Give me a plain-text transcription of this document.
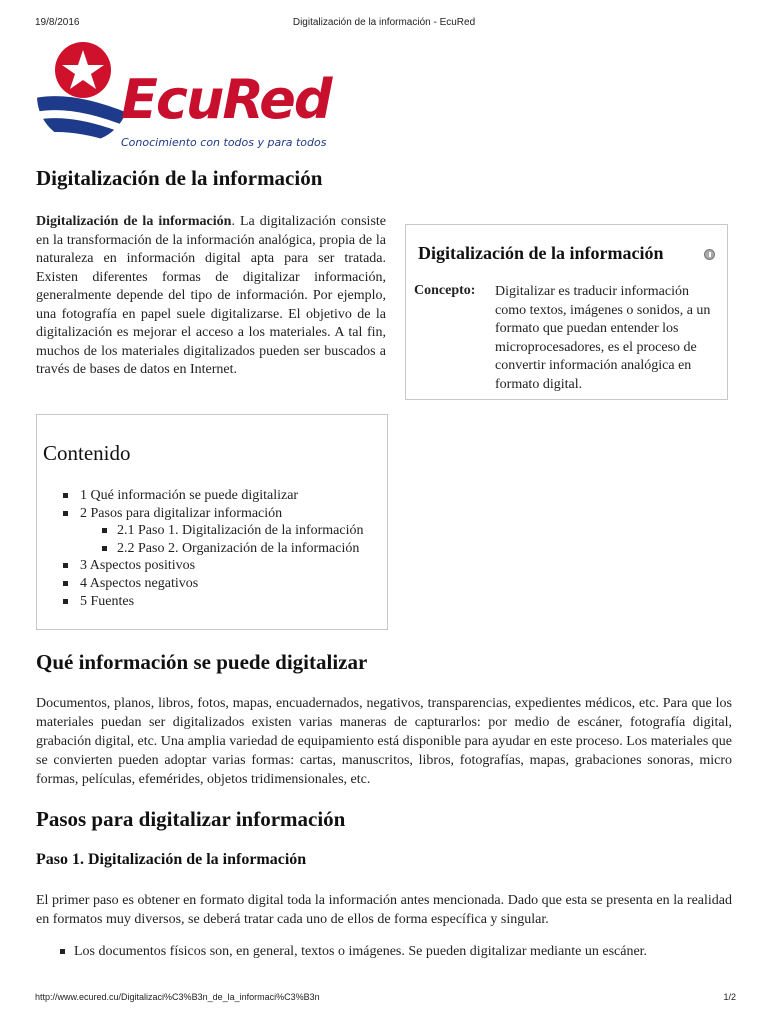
19/8/2016	Digitalización de la información - EcuRed
EcuRed
Conocimiento con todos y para todos
Digitalización de la información

Digitalización de la información. La digitalización consiste en la transformación de la información analógica, propia de la naturaleza en información digital apta para ser tratada. Existen diferentes formas de digitalizar información, generalmente depende del tipo de información. Por ejemplo, una fotografía en papel suele digitalizarse. El objetivo de la digitalización es mejorar el acceso a los materiales. A tal fin, muchos de los materiales digitalizados pueden ser buscados a través de bases de datos en Internet.

Digitalización de la información
Concepto: Digitalizar es traducir información como textos, imágenes o sonidos, a un formato que puedan entender los microprocesadores, es el proceso de convertir información analógica en formato digital.
Contenido
1 Qué información se puede digitalizar
2 Pasos para digitalizar información
2.1 Paso 1. Digitalización de la información
2.2 Paso 2. Organización de la información
3 Aspectos positivos
4 Aspectos negativos
5 Fuentes
Qué información se puede digitalizar

Documentos, planos, libros, fotos, mapas, encuadernados, negativos, transparencias, expedientes médicos, etc. Para que los materiales puedan ser digitalizados existen varias maneras de capturarlos: por medio de escáner, fotografía digital, grabación digital, etc. Una amplia variedad de equipamiento está disponible para ayudar en este proceso. Los materiales que se convierten pueden adoptar varias formas: cartas, manuscritos, libros, fotografías, mapas, grabaciones sonoras, micro formas, películas, efemérides, objetos tridimensionales, etc.

Pasos para digitalizar información
Paso 1. Digitalización de la información

El primer paso es obtener en formato digital toda la información antes mencionada. Dado que esta se presenta en la realidad en formatos muy diversos, se deberá tratar cada uno de ellos de forma específica y singular.

Los documentos físicos son, en general, textos o imágenes. Se pueden digitalizar mediante un escáner.
http://www.ecured.cu/Digitalizaci%C3%B3n_de_la_informaci%C3%B3n	1/2
